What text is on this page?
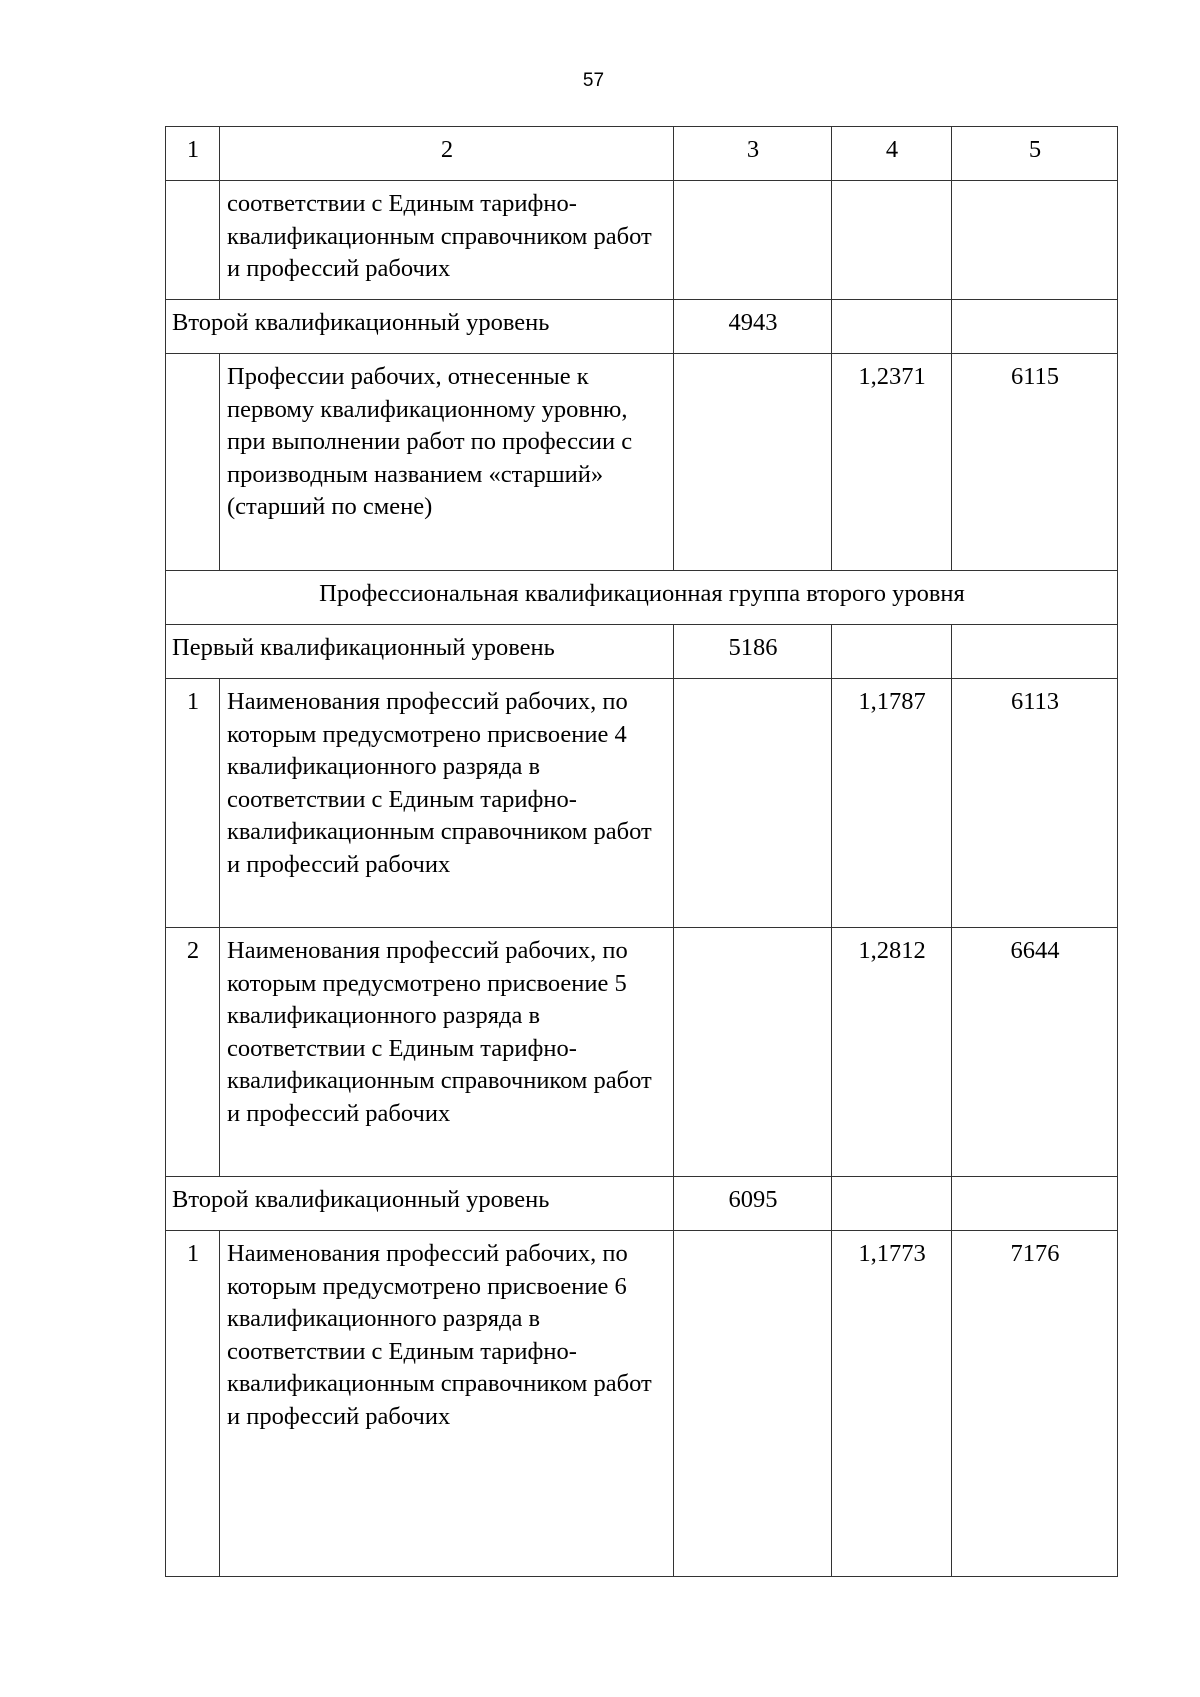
57
1	2	3	4	5
	соответствии с Единым тарифно-квалификационным справочником работ и профессий рабочих			
Второй квалификационный уровень		4943		
	Профессии рабочих, отнесенные к первому квалификационному уровню, при выполнении работ по профессии с производным названием «старший» (старший по смене)		1,2371	6115
Профессиональная квалификационная группа второго уровня				
Первый квалификационный уровень		5186		
1	Наименования профессий рабочих, по которым предусмотрено присвоение 4 квалификационного разряда в соответствии с Единым тарифно-квалификационным справочником работ и профессий рабочих		1,1787	6113
2	Наименования профессий рабочих, по которым предусмотрено присвоение 5 квалификационного разряда в соответствии с Единым тарифно-квалификационным справочником работ и профессий рабочих		1,2812	6644
Второй квалификационный уровень		6095		
1	Наименования профессий рабочих, по которым предусмотрено присвоение 6 квалификационного разряда в соответствии с Единым тарифно-квалификационным справочником работ и профессий рабочих		1,1773	7176
